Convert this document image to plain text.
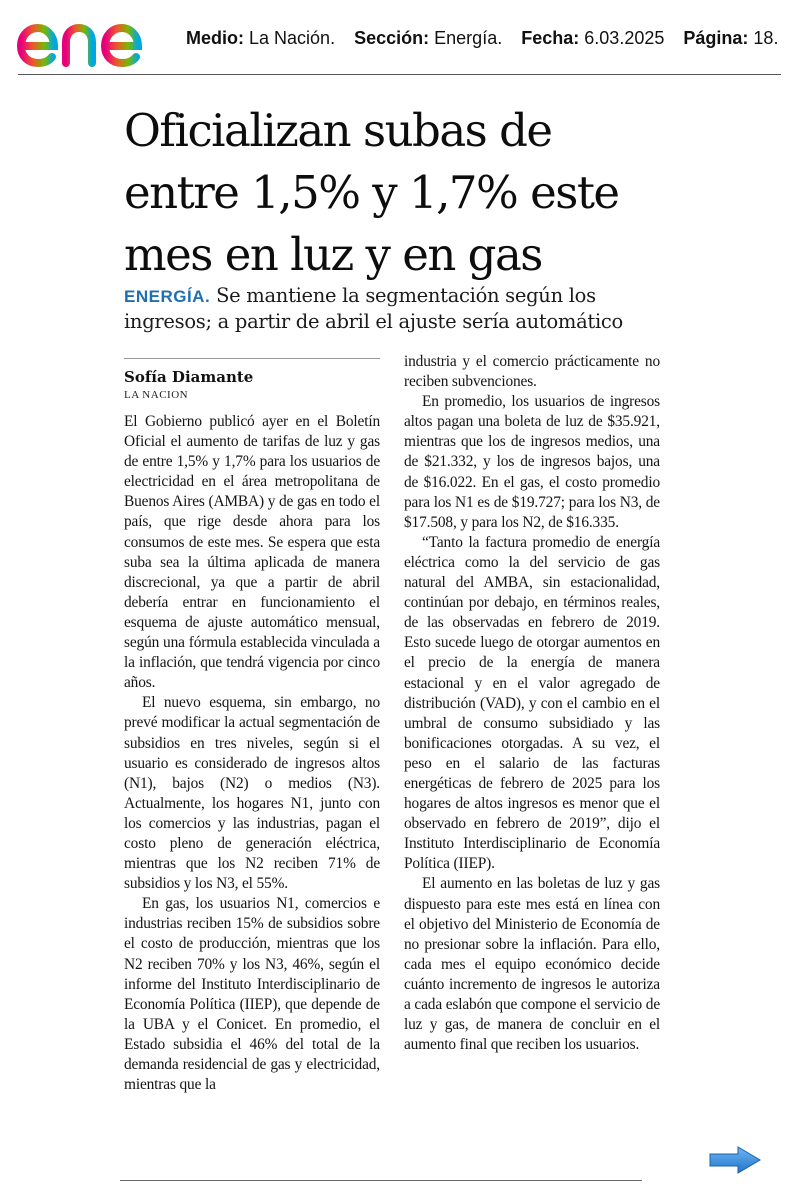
Medio: La Nación. Sección: Energía. Fecha: 6.03.2025 Página: 18.
Oficializan subas de
entre 1,5% y 1,7% este
mes en luz y en gas
ENERGÍA. Se mantiene la segmentación según los
ingresos; a partir de abril el ajuste sería automático
Sofía Diamante
LA NACION

El Gobierno publicó ayer en el Boletín Oficial el aumento de tarifas de luz y gas de entre 1,5% y 1,7% para los usuarios de electricidad en el área metropolitana de Buenos Aires (AMBA) y de gas en todo el país, que rige desde ahora para los consumos de este mes. Se espera que esta suba sea la última aplicada de manera discrecional, ya que a partir de abril debería entrar en funcionamiento el esquema de ajuste automático mensual, según una fórmula establecida vinculada a la inflación, que tendrá vigencia por cinco años.

El nuevo esquema, sin embargo, no prevé modificar la actual segmentación de subsidios en tres niveles, según si el usuario es considerado de ingresos altos (N1), bajos (N2) o medios (N3). Actualmente, los hogares N1, junto con los comercios y las industrias, pagan el costo pleno de generación eléctrica, mientras que los N2 reciben 71% de subsidios y los N3, el 55%.

En gas, los usuarios N1, comercios e industrias reciben 15% de subsidios sobre el costo de producción, mientras que los N2 reciben 70% y los N3, 46%, según el informe del Instituto Interdisciplinario de Economía Política (IIEP), que depende de la UBA y el Conicet. En promedio, el Estado subsidia el 46% del total de la demanda residencial de gas y electricidad, mientras que la

industria y el comercio prácticamente no reciben subvenciones.

En promedio, los usuarios de ingresos altos pagan una boleta de luz de $35.921, mientras que los de ingresos medios, una de $21.332, y los de ingresos bajos, una de $16.022. En el gas, el costo promedio para los N1 es de $19.727; para los N3, de $17.508, y para los N2, de $16.335.

“Tanto la factura promedio de energía eléctrica como la del servicio de gas natural del AMBA, sin estacionalidad, continúan por debajo, en términos reales, de las observadas en febrero de 2019. Esto sucede luego de otorgar aumentos en el precio de la energía de manera estacional y en el valor agregado de distribución (VAD), y con el cambio en el umbral de consumo subsidiado y las bonificaciones otorgadas. A su vez, el peso en el salario de las facturas energéticas de febrero de 2025 para los hogares de altos ingresos es menor que el observado en febrero de 2019”, dijo el Instituto Interdisciplinario de Economía Política (IIEP).

El aumento en las boletas de luz y gas dispuesto para este mes está en línea con el objetivo del Ministerio de Economía de no presionar sobre la inflación. Para ello, cada mes el equipo económico decide cuánto incremento de ingresos le autoriza a cada eslabón que compone el servicio de luz y gas, de manera de concluir en el aumento final que reciben los usuarios.
